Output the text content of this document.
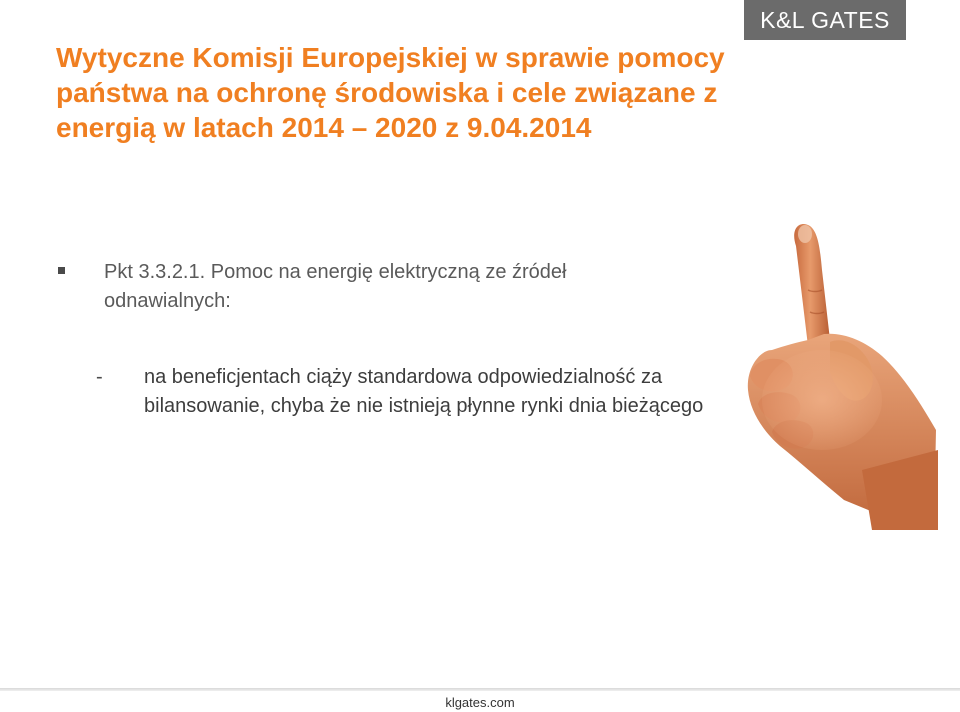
K&L GATES
Wytyczne Komisji Europejskiej w sprawie pomocy państwa na ochronę środowiska i cele związane z energią w latach 2014 – 2020 z 9.04.2014
Pkt 3.3.2.1. Pomoc na energię elektryczną ze źródeł odnawialnych:
- na beneficjentach ciąży standardowa odpowiedzialność za bilansowanie, chyba że nie istnieją płynne rynki dnia bieżącego
klgates.com
